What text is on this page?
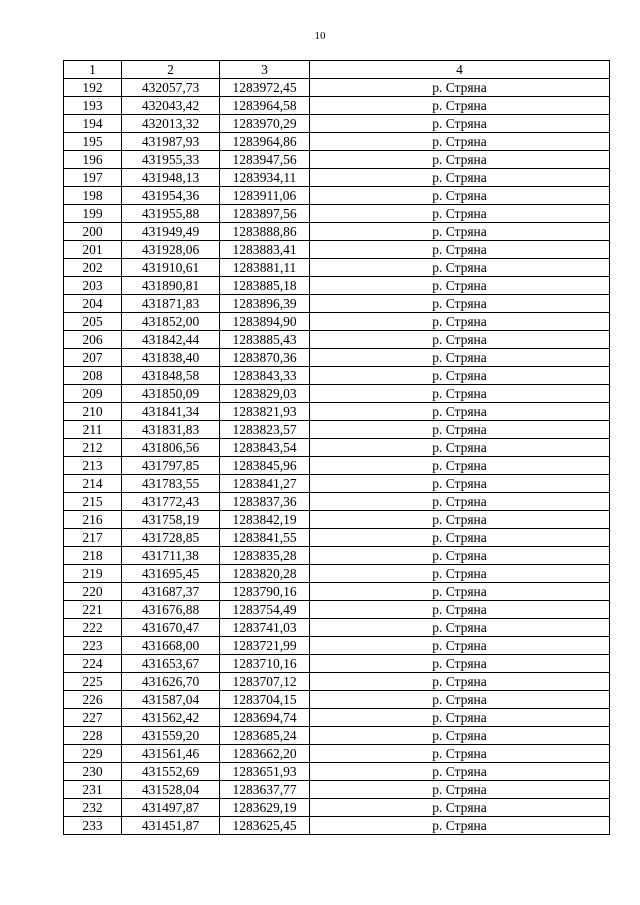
10
1	2	3	4
192	432057,73	1283972,45	р. Стряна
193	432043,42	1283964,58	р. Стряна
194	432013,32	1283970,29	р. Стряна
195	431987,93	1283964,86	р. Стряна
196	431955,33	1283947,56	р. Стряна
197	431948,13	1283934,11	р. Стряна
198	431954,36	1283911,06	р. Стряна
199	431955,88	1283897,56	р. Стряна
200	431949,49	1283888,86	р. Стряна
201	431928,06	1283883,41	р. Стряна
202	431910,61	1283881,11	р. Стряна
203	431890,81	1283885,18	р. Стряна
204	431871,83	1283896,39	р. Стряна
205	431852,00	1283894,90	р. Стряна
206	431842,44	1283885,43	р. Стряна
207	431838,40	1283870,36	р. Стряна
208	431848,58	1283843,33	р. Стряна
209	431850,09	1283829,03	р. Стряна
210	431841,34	1283821,93	р. Стряна
211	431831,83	1283823,57	р. Стряна
212	431806,56	1283843,54	р. Стряна
213	431797,85	1283845,96	р. Стряна
214	431783,55	1283841,27	р. Стряна
215	431772,43	1283837,36	р. Стряна
216	431758,19	1283842,19	р. Стряна
217	431728,85	1283841,55	р. Стряна
218	431711,38	1283835,28	р. Стряна
219	431695,45	1283820,28	р. Стряна
220	431687,37	1283790,16	р. Стряна
221	431676,88	1283754,49	р. Стряна
222	431670,47	1283741,03	р. Стряна
223	431668,00	1283721,99	р. Стряна
224	431653,67	1283710,16	р. Стряна
225	431626,70	1283707,12	р. Стряна
226	431587,04	1283704,15	р. Стряна
227	431562,42	1283694,74	р. Стряна
228	431559,20	1283685,24	р. Стряна
229	431561,46	1283662,20	р. Стряна
230	431552,69	1283651,93	р. Стряна
231	431528,04	1283637,77	р. Стряна
232	431497,87	1283629,19	р. Стряна
233	431451,87	1283625,45	р. Стряна
